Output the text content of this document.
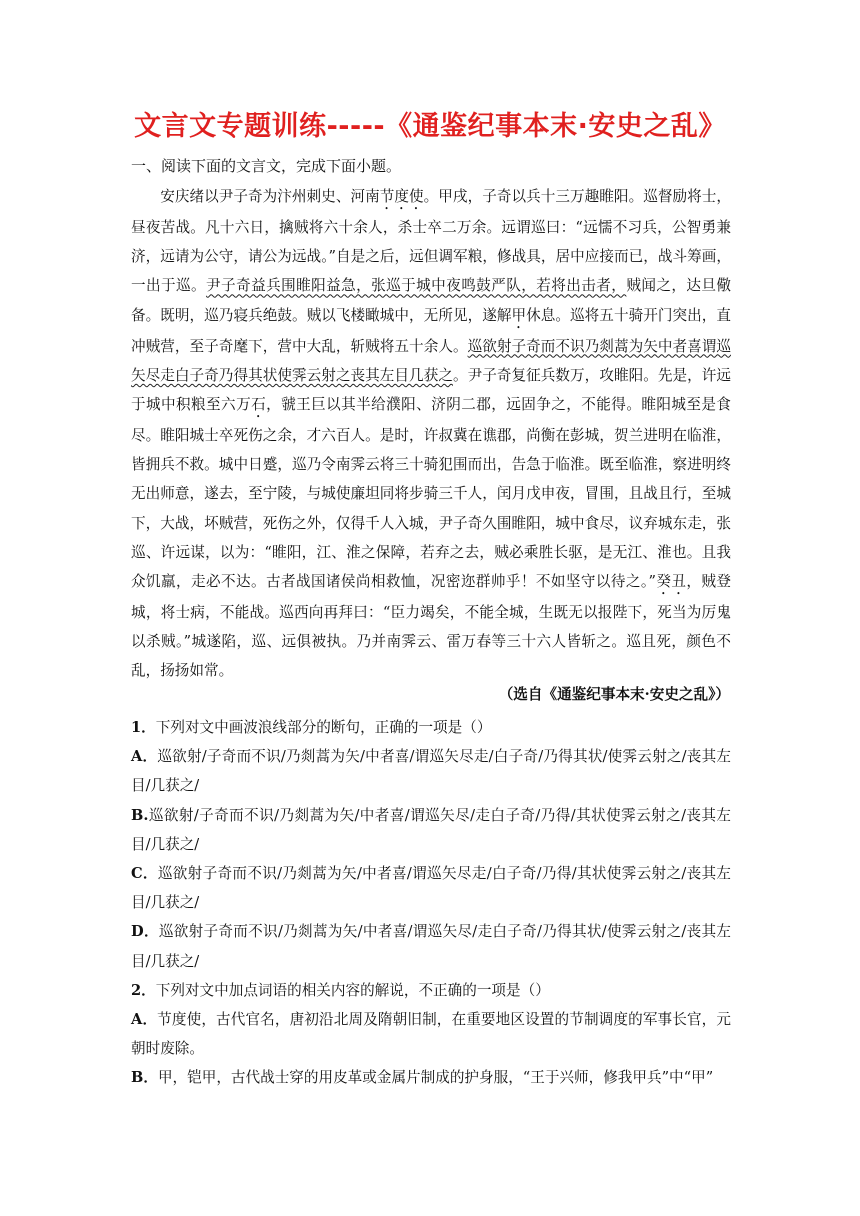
文言文专题训练-----《通鉴纪事本末·安史之乱》
一、阅读下面的文言文，完成下面小题。

安庆绪以尹子奇为汴州刺史、河南节度使。甲戌，子奇以兵十三万趣睢阳。巡督励将士，昼夜苦战。凡十六日，擒贼将六十余人，杀士卒二万余。远谓巡曰：“远懦不习兵，公智勇兼济，远请为公守，请公为远战。”自是之后，远但调军粮，修战具，居中应接而已，战斗筹画，一出于巡。尹子奇益兵围睢阳益急，张巡于城中夜鸣鼓严队，若将出击者，贼闻之，达旦儆备。既明，巡乃寝兵绝鼓。贼以飞楼瞰城中，无所见，遂解甲休息。巡将五十骑开门突出，直冲贼营，至子奇麾下，营中大乱，斩贼将五十余人。巡欲射子奇而不识乃剡蒿为矢中者喜谓巡矢尽走白子奇乃得其状使霁云射之丧其左目几获之。尹子奇复征兵数万，攻睢阳。先是，许远于城中积粮至六万石，虢王巨以其半给濮阳、济阴二郡，远固争之，不能得。睢阳城至是食尽。睢阳城士卒死伤之余，才六百人。是时，许叔冀在谯郡，尚衡在彭城，贺兰进明在临淮，皆拥兵不救。城中日蹙，巡乃令南霁云将三十骑犯围而出，告急于临淮。既至临淮，察进明终无出师意，遂去，至宁陵，与城使廉坦同将步骑三千人，闰月戊申夜，冒围，且战且行，至城下，大战，坏贼营，死伤之外，仅得千人入城，尹子奇久围睢阳，城中食尽，议弃城东走，张巡、许远谋，以为：“睢阳，江、淮之保障，若弃之去，贼必乘胜长驱，是无江、淮也。且我众饥羸，走必不达。古者战国诸侯尚相救恤，况密迩群帅乎！不如坚守以待之。”癸丑，贼登城，将士病，不能战。巡西向再拜曰：“臣力竭矣，不能全城，生既无以报陛下，死当为厉鬼以杀贼。”城遂陷，巡、远俱被执。乃并南霁云、雷万春等三十六人皆斩之。巡且死，颜色不乱，扬扬如常。

（选自《通鉴纪事本末·安史之乱》）

1．下列对文中画波浪线部分的断句，正确的一项是（）

A．巡欲射/子奇而不识/乃剡蒿为矢/中者喜/谓巡矢尽走/白子奇/乃得其状/使霁云射之/丧其左目/几获之/

B.巡欲射/子奇而不识/乃剡蒿为矢/中者喜/谓巡矢尽/走白子奇/乃得/其状使霁云射之/丧其左目/几获之/

C．巡欲射子奇而不识/乃剡蒿为矢/中者喜/谓巡矢尽走/白子奇/乃得/其状使霁云射之/丧其左目/几获之/

D．巡欲射子奇而不识/乃剡蒿为矢/中者喜/谓巡矢尽/走白子奇/乃得其状/使霁云射之/丧其左目/几获之/

2．下列对文中加点词语的相关内容的解说，不正确的一项是（）

A．节度使，古代官名，唐初沿北周及隋朝旧制，在重要地区设置的节制调度的军事长官，元朝时废除。

B．甲，铠甲，古代战士穿的用皮革或金属片制成的护身服，“王于兴师，修我甲兵”中“甲”
